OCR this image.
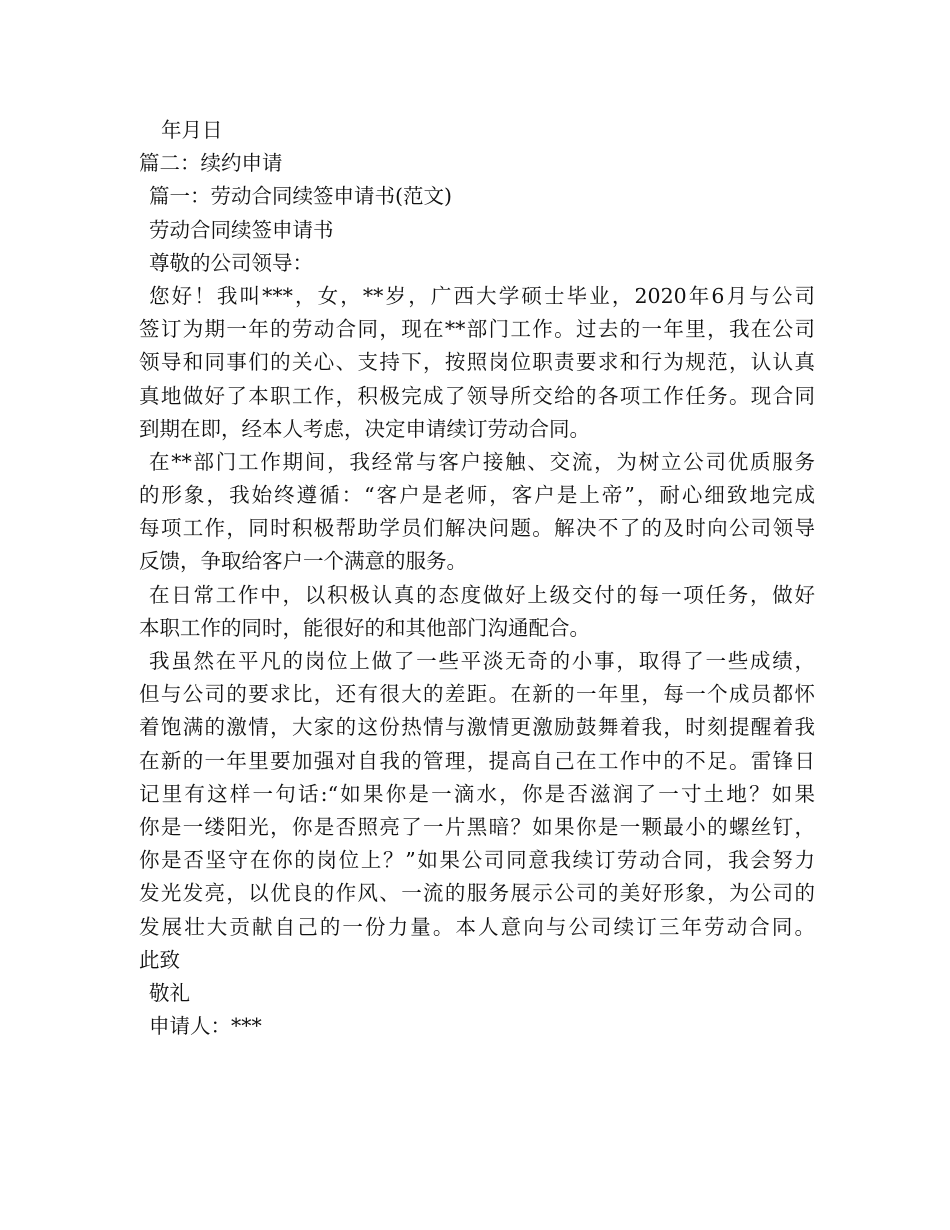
年月日
篇二：续约申请
篇一：劳动合同续签申请书(范文)
劳动合同续签申请书
尊敬的公司领导：
您好！我叫***，女，**岁，广西大学硕士毕业，2020年6月与公司
签订为期一年的劳动合同，现在**部门工作。过去的一年里，我在公司
领导和同事们的关心、支持下，按照岗位职责要求和行为规范，认认真
真地做好了本职工作，积极完成了领导所交给的各项工作任务。现合同
到期在即，经本人考虑，决定申请续订劳动合同。
在**部门工作期间，我经常与客户接触、交流，为树立公司优质服务
的形象，我始终遵循：“客户是老师，客户是上帝”，耐心细致地完成
每项工作，同时积极帮助学员们解决问题。解决不了的及时向公司领导
反馈，争取给客户一个满意的服务。
在日常工作中，以积极认真的态度做好上级交付的每一项任务，做好
本职工作的同时，能很好的和其他部门沟通配合。
我虽然在平凡的岗位上做了一些平淡无奇的小事，取得了一些成绩，
但与公司的要求比，还有很大的差距。在新的一年里，每一个成员都怀
着饱满的激情，大家的这份热情与激情更激励鼓舞着我，时刻提醒着我
在新的一年里要加强对自我的管理，提高自己在工作中的不足。雷锋日
记里有这样一句话:“如果你是一滴水，你是否滋润了一寸土地？如果
你是一缕阳光，你是否照亮了一片黑暗？如果你是一颗最小的螺丝钉，
你是否坚守在你的岗位上？”如果公司同意我续订劳动合同，我会努力
发光发亮，以优良的作风、一流的服务展示公司的美好形象，为公司的
发展壮大贡献自己的一份力量。本人意向与公司续订三年劳动合同。
此致
敬礼
申请人：***
